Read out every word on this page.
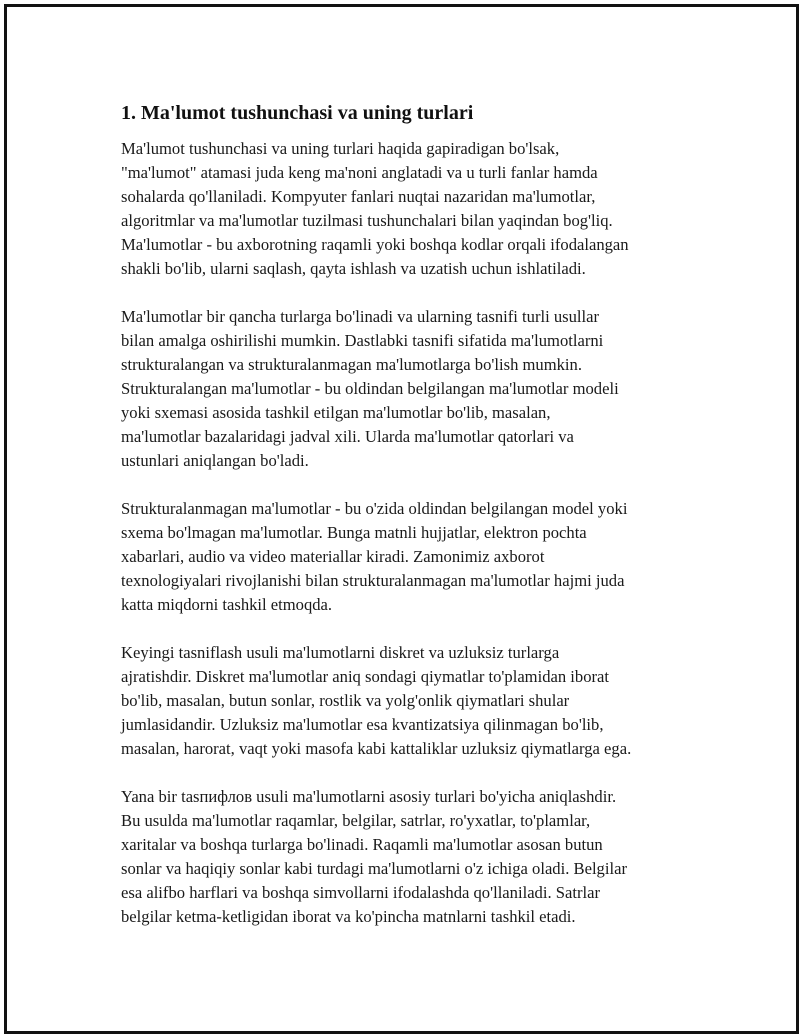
1. Ma'lumot tushunchasi va uning turlari

Ma'lumot tushunchasi va uning turlari haqida gapiradigan bo'lsak,
"ma'lumot" atamasi juda keng ma'noni anglatadi va u turli fanlar hamda
sohalarda qo'llaniladi. Kompyuter fanlari nuqtai nazaridan ma'lumotlar,
algoritmlar va ma'lumotlar tuzilmasi tushunchalari bilan yaqindan bog'liq.
Ma'lumotlar - bu axborotning raqamli yoki boshqa kodlar orqali ifodalangan
shakli bo'lib, ularni saqlash, qayta ishlash va uzatish uchun ishlatiladi.

Ma'lumotlar bir qancha turlarga bo'linadi va ularning tasnifi turli usullar
bilan amalga oshirilishi mumkin. Dastlabki tasnifi sifatida ma'lumotlarni
strukturalangan va strukturalanmagan ma'lumotlarga bo'lish mumkin.
Strukturalangan ma'lumotlar - bu oldindan belgilangan ma'lumotlar modeli
yoki sxemasi asosida tashkil etilgan ma'lumotlar bo'lib, masalan,
ma'lumotlar bazalaridagi jadval xili. Ularda ma'lumotlar qatorlari va
ustunlari aniqlangan bo'ladi.

Strukturalanmagan ma'lumotlar - bu o'zida oldindan belgilangan model yoki
sxema bo'lmagan ma'lumotlar. Bunga matnli hujjatlar, elektron pochta
xabarlari, audio va video materiallar kiradi. Zamonimiz axborot
texnologiyalari rivojlanishi bilan strukturalanmagan ma'lumotlar hajmi juda
katta miqdorni tashkil etmoqda.

Keyingi tasniflash usuli ma'lumotlarni diskret va uzluksiz turlarga
ajratishdir. Diskret ma'lumotlar aniq sondagi qiymatlar to'plamidan iborat
bo'lib, masalan, butun sonlar, rostlik va yolg'onlik qiymatlari shular
jumlasidandir. Uzluksiz ma'lumotlar esa kvantizatsiya qilinmagan bo'lib,
masalan, harorat, vaqt yoki masofa kabi kattaliklar uzluksiz qiymatlarga ega.

Yana bir tasпифлов usuli ma'lumotlarni asosiy turlari bo'yicha aniqlashdir.
Bu usulda ma'lumotlar raqamlar, belgilar, satrlar, ro'yxatlar, to'plamlar,
xaritalar va boshqa turlarga bo'linadi. Raqamli ma'lumotlar asosan butun
sonlar va haqiqiy sonlar kabi turdagi ma'lumotlarni o'z ichiga oladi. Belgilar
esa alifbo harflari va boshqa simvollarni ifodalashda qo'llaniladi. Satrlar
belgilar ketma-ketligidan iborat va ko'pincha matnlarni tashkil etadi.
